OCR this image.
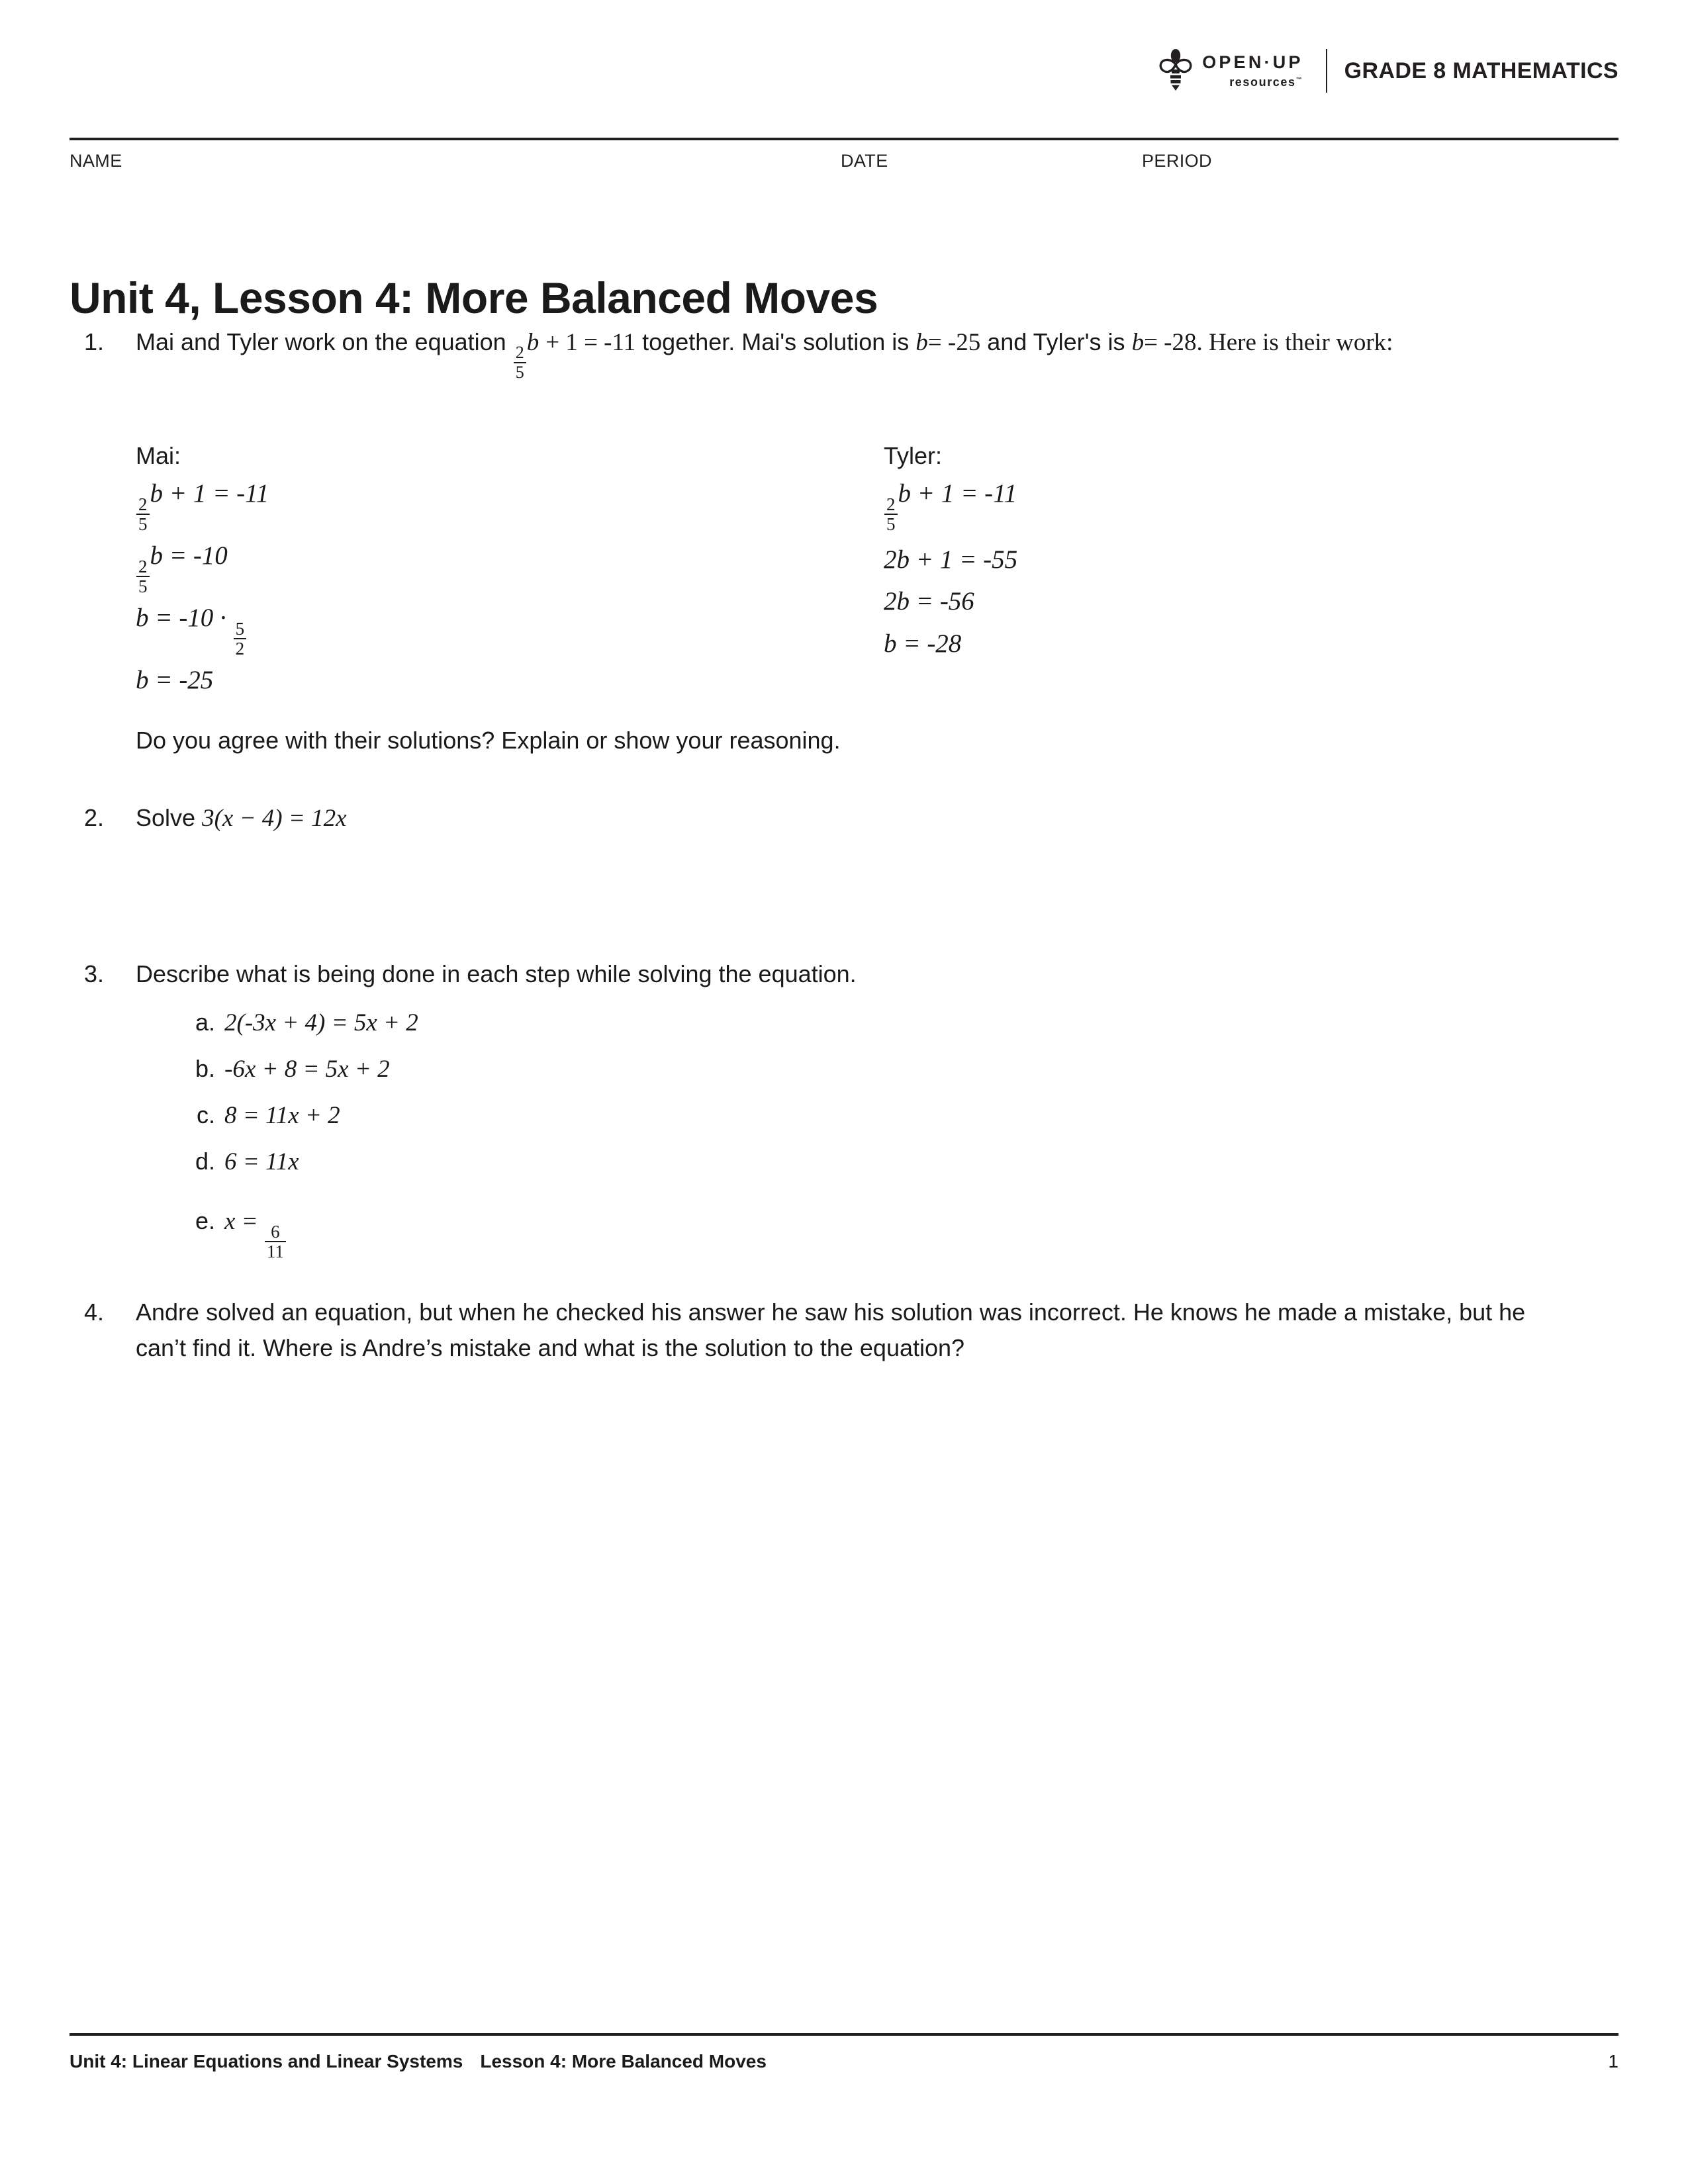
OPEN·UP
resources™ GRADE 8 MATHEMATICS
NAME	DATE	PERIOD
Unit 4, Lesson 4: More Balanced Moves
1. Mai and Tyler work on the equation
$\frac{2}{5}$
b + 1 = -11 together. Mai's solution is b= -25 and Tyler's is b= -28. Here is their work:
Mai:
$\frac{2}{5}$
b + 1 = -11
$\frac{2}{5}$
b = -10
b = -10 ·
$\frac{5}{2}$
b = -25
Tyler:
$\frac{2}{5}$
b + 1 = -11
2b + 1 = -55
2b = -56
b = -28
Do you agree with their solutions? Explain or show your reasoning.
2. Solve 3(x − 4) = 12x
3. Describe what is being done in each step while solving the equation.
a. 2(-3x + 4) = 5x + 2
b. -6x + 8 = 5x + 2
c. 8 = 11x + 2
d. 6 = 11x
e. x =
$\frac{6}{11}$
4. Andre solved an equation, but when he checked his answer he saw his solution was incorrect. He knows he made a mistake, but he can’t find it. Where is Andre’s mistake and what is the solution to the equation?
Unit 4: Linear Equations and Linear Systems Lesson 4: More Balanced Moves	1
